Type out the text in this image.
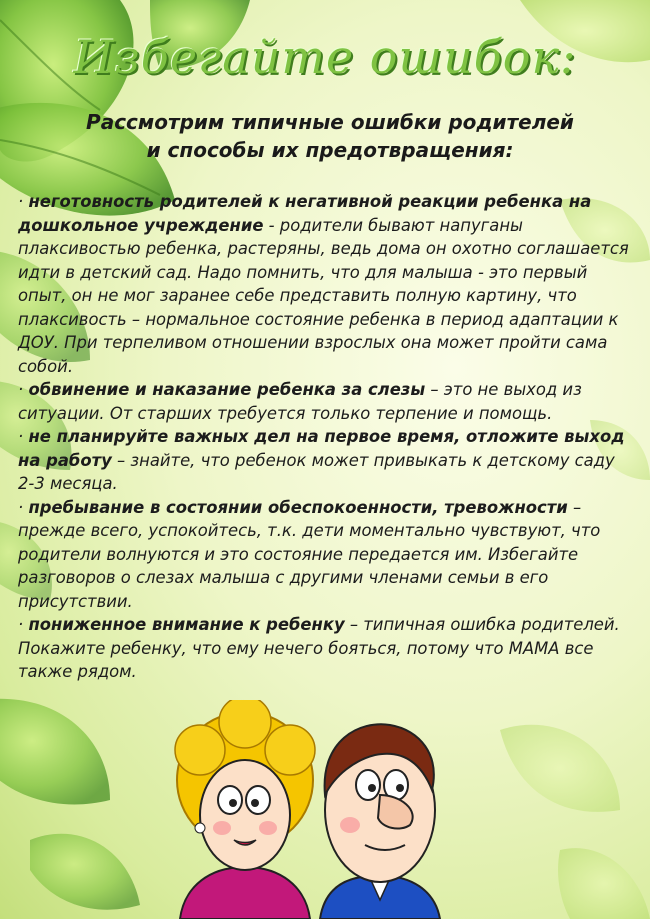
Избегайте ошибок:
Рассмотрим типичные ошибки родителей
и способы их предотвращения:

· неготовность родителей к негативной реакции ребенка на дошкольное учреждение - родители бывают напуганы плаксивостью ребенка, растеряны, ведь дома он охотно соглашается идти в детский сад. Надо помнить, что для малыша - это первый опыт, он не мог заранее себе представить полную картину, что плаксивость – нормальное состояние ребенка в период адаптации к ДОУ. При терпеливом отношении взрослых она может пройти сама собой.

· обвинение и наказание ребенка за слезы – это не выход из ситуации. От старших требуется только терпение и помощь.

· не планируйте важных дел на первое время, отложите выход на работу – знайте, что ребенок может привыкать к детскому саду 2-3 месяца.

· пребывание в состоянии обеспокоенности, тревожности – прежде всего, успокойтесь, т.к. дети моментально чувствуют, что родители волнуются и это состояние передается им. Избегайте разговоров о слезах малыша с другими членами семьи в его присутствии.

· пониженное внимание к ребенку – типичная ошибка родителей. Покажите ребенку, что ему нечего бояться, потому что МАМА все также рядом.
